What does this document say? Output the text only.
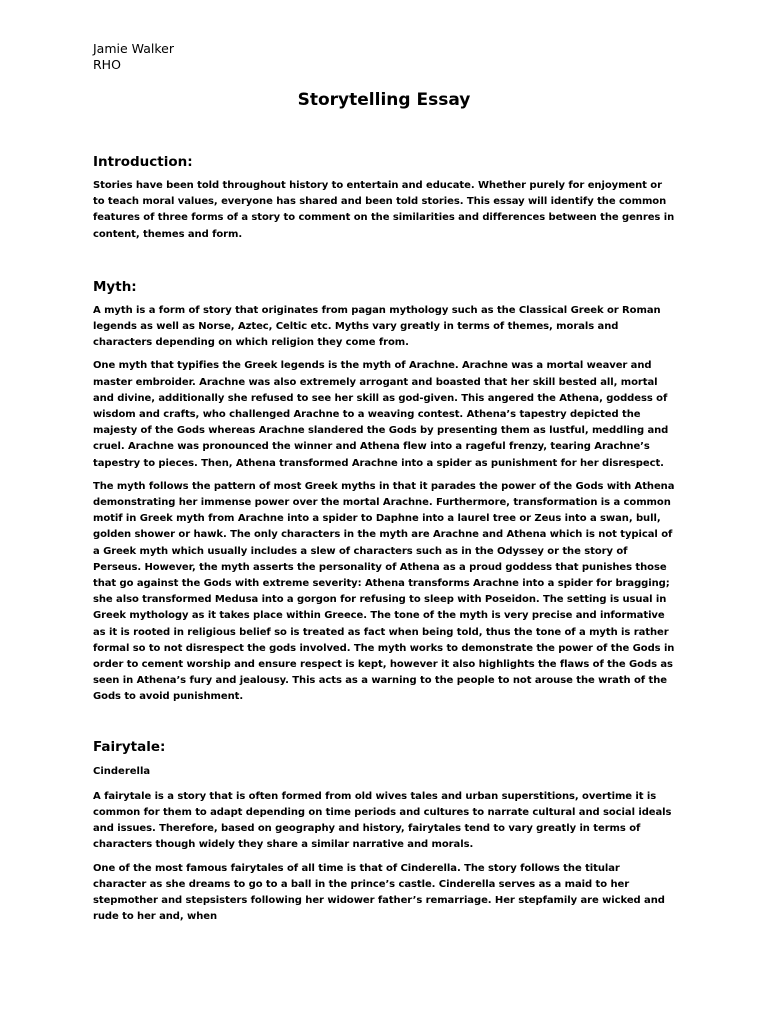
Jamie Walker
RHO
Storytelling Essay
Introduction:

Stories have been told throughout history to entertain and educate. Whether purely for enjoyment or to teach moral values, everyone has shared and been told stories. This essay will identify the common features of three forms of a story to comment on the similarities and differences between the genres in content, themes and form.

Myth:

A myth is a form of story that originates from pagan mythology such as the Classical Greek or Roman legends as well as Norse, Aztec, Celtic etc. Myths vary greatly in terms of themes, morals and characters depending on which religion they come from.

One myth that typifies the Greek legends is the myth of Arachne. Arachne was a mortal weaver and master embroider. Arachne was also extremely arrogant and boasted that her skill bested all, mortal and divine, additionally she refused to see her skill as god-given. This angered the Athena, goddess of wisdom and crafts, who challenged Arachne to a weaving contest. Athena’s tapestry depicted the majesty of the Gods whereas Arachne slandered the Gods by presenting them as lustful, meddling and cruel. Arachne was pronounced the winner and Athena flew into a rageful frenzy, tearing Arachne’s tapestry to pieces. Then, Athena transformed Arachne into a spider as punishment for her disrespect.

The myth follows the pattern of most Greek myths in that it parades the power of the Gods with Athena demonstrating her immense power over the mortal Arachne. Furthermore, transformation is a common motif in Greek myth from Arachne into a spider to Daphne into a laurel tree or Zeus into a swan, bull, golden shower or hawk. The only characters in the myth are Arachne and Athena which is not typical of a Greek myth which usually includes a slew of characters such as in the Odyssey or the story of Perseus. However, the myth asserts the personality of Athena as a proud goddess that punishes those that go against the Gods with extreme severity: Athena transforms Arachne into a spider for bragging; she also transformed Medusa into a gorgon for refusing to sleep with Poseidon. The setting is usual in Greek mythology as it takes place within Greece. The tone of the myth is very precise and informative as it is rooted in religious belief so is treated as fact when being told, thus the tone of a myth is rather formal so to not disrespect the gods involved. The myth works to demonstrate the power of the Gods in order to cement worship and ensure respect is kept, however it also highlights the flaws of the Gods as seen in Athena’s fury and jealousy. This acts as a warning to the people to not arouse the wrath of the Gods to avoid punishment.

Fairytale:

Cinderella

A fairytale is a story that is often formed from old wives tales and urban superstitions, overtime it is common for them to adapt depending on time periods and cultures to narrate cultural and social ideals and issues. Therefore, based on geography and history, fairytales tend to vary greatly in terms of characters though widely they share a similar narrative and morals.

One of the most famous fairytales of all time is that of Cinderella. The story follows the titular character as she dreams to go to a ball in the prince’s castle. Cinderella serves as a maid to her stepmother and stepsisters following her widower father’s remarriage. Her stepfamily are wicked and rude to her and, when
